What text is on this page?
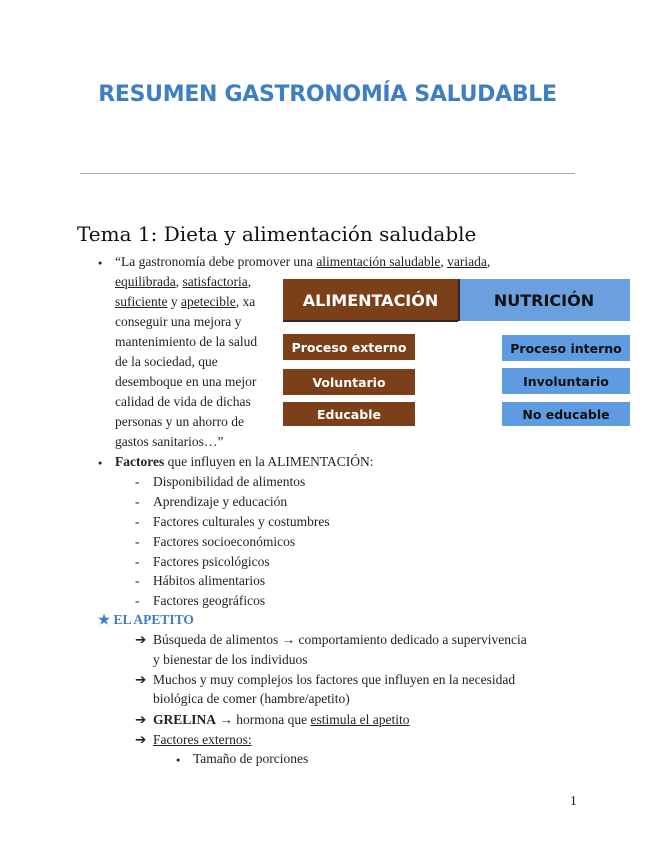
RESUMEN GASTRONOMÍA SALUDABLE
Tema 1: Dieta y alimentación saludable
● “La gastronomía debe promover una alimentación saludable, variada,
equilibrada, satisfactoria,
suficiente y apetecible, xa
conseguir una mejora y
mantenimiento de la salud
de la sociedad, que
desemboque en una mejor
calidad de vida de dichas
personas y un ahorro de
gastos sanitarios…”
ALIMENTACIÓN	NUTRICIÓN
Proceso externo
Voluntario
Educable
Proceso interno
Involuntario
No educable
● Factores que influyen en la ALIMENTACIÓN:
- Disponibilidad de alimentos
- Aprendizaje y educación
- Factores culturales y costumbres
- Factores socioeconómicos
- Factores psicológicos
- Hábitos alimentarios
- Factores geográficos
★ EL APETITO
➔ Búsqueda de alimentos → comportamiento dedicado a supervivencia
y bienestar de los individuos
➔ Muchos y muy complejos los factores que influyen en la necesidad
biológica de comer (hambre/apetito)
➔ GRELINA → hormona que estimula el apetito
➔ Factores externos:
● Tamaño de porciones
1
